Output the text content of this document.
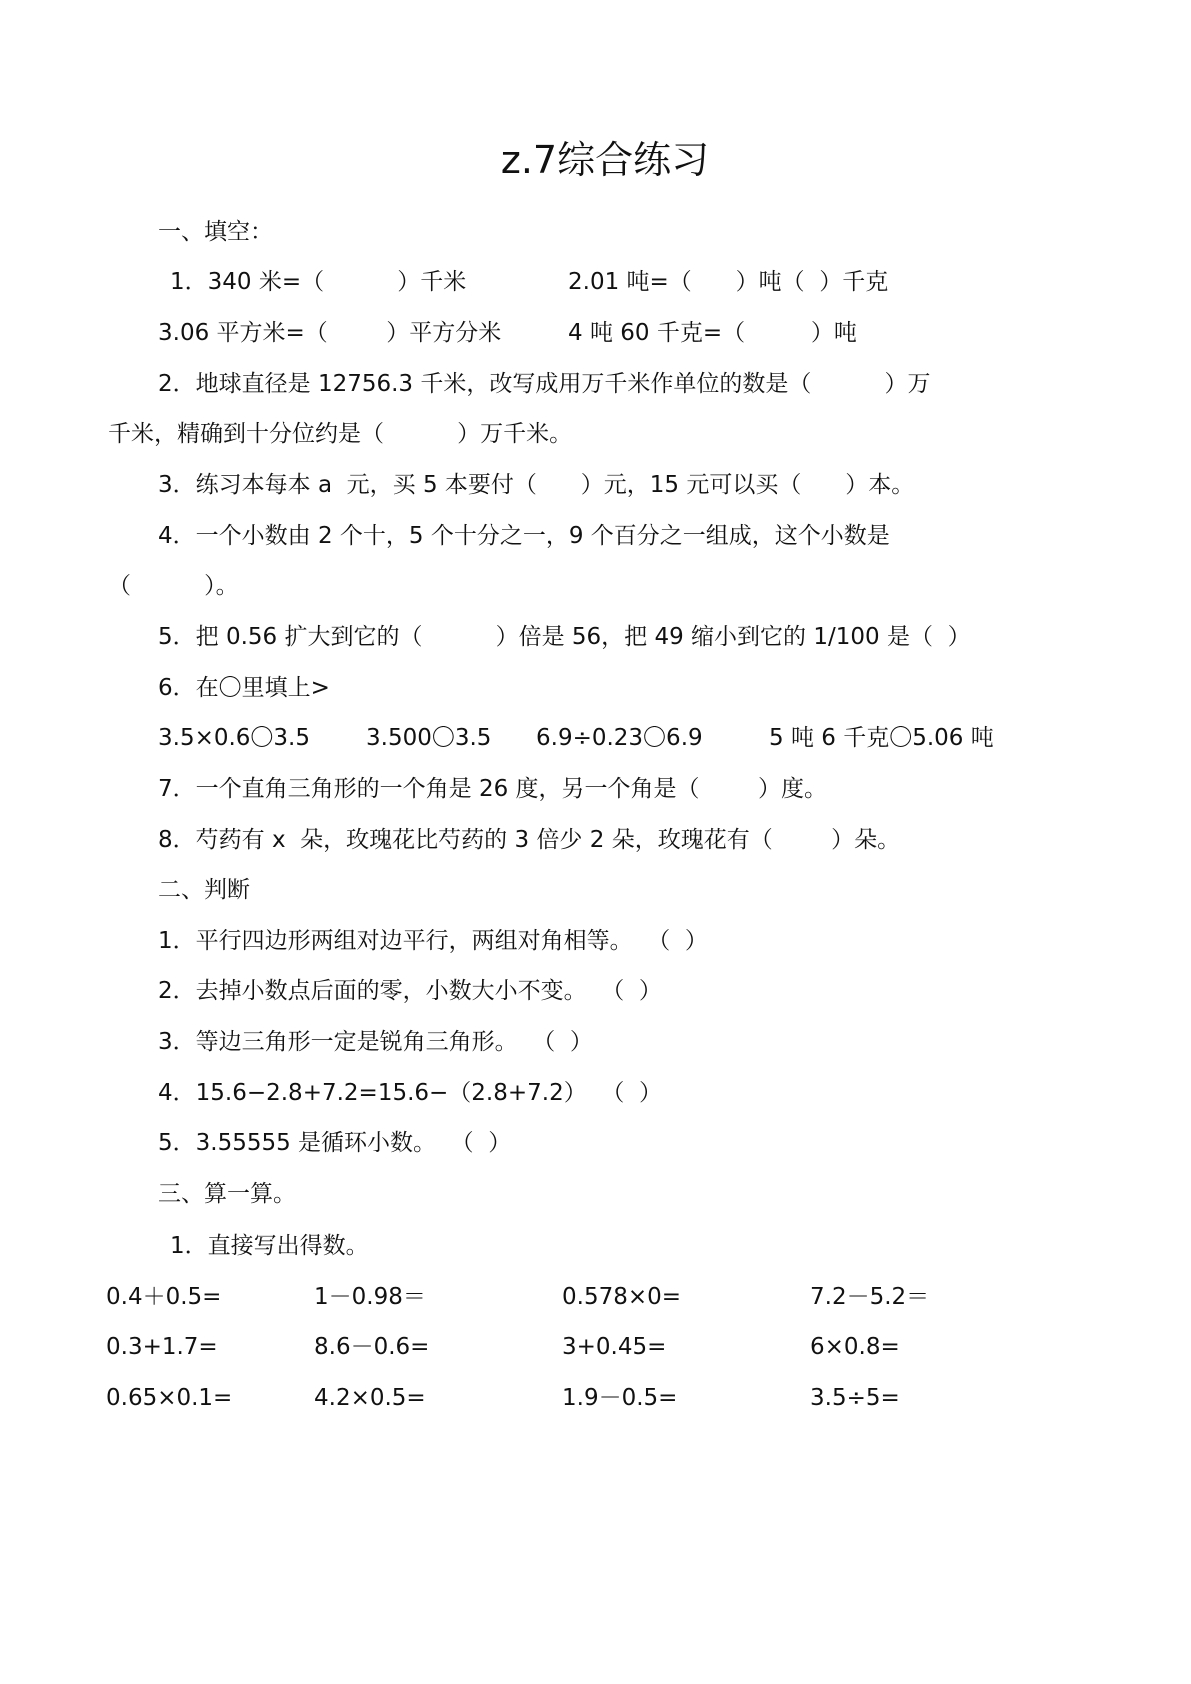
z.7综合练习
一、填空：
1．340 米=（          ）千米	2.01 吨=（      ）吨（  ）千克
3.06 平方米=（        ）平方分米	4 吨 60 千克=（         ）吨
2．地球直径是 12756.3 千米，改写成用万千米作单位的数是（          ）万
千米，精确到十分位约是（          ）万千米。
3．练习本每本 a  元，买 5 本要付（      ）元，15 元可以买（      ）本。
4．一个小数由 2 个十，5 个十分之一，9 个百分之一组成，这个小数是
（          ）。
5．把 0.56 扩大到它的（          ）倍是 56，把 49 缩小到它的 1/100 是（  ）
6．在〇里填上>
3.5×0.6〇3.5 3.500〇3.5 6.9÷0.23〇6.9	5 吨 6 千克〇5.06 吨
7．一个直角三角形的一个角是 26 度，另一个角是（        ）度。
8．芍药有 x  朵，玫瑰花比芍药的 3 倍少 2 朵，玫瑰花有（        ）朵。
二、判断
1．平行四边形两组对边平行，两组对角相等。  （  ）
2．去掉小数点后面的零，小数大小不变。  （  ）
3．等边三角形一定是锐角三角形。  （  ）
4．15.6−2.8+7.2=15.6−（2.8+7.2）  （  ）
5．3.55555 是循环小数。  （  ）
三、算一算。
1．直接写出得数。
0.4＋0.5=	1－0.98＝	0.578×0=	7.2－5.2＝
0.3+1.7=	8.6－0.6=	3+0.45=	6×0.8=
0.65×0.1=	4.2×0.5=	1.9－0.5=	3.5÷5=
